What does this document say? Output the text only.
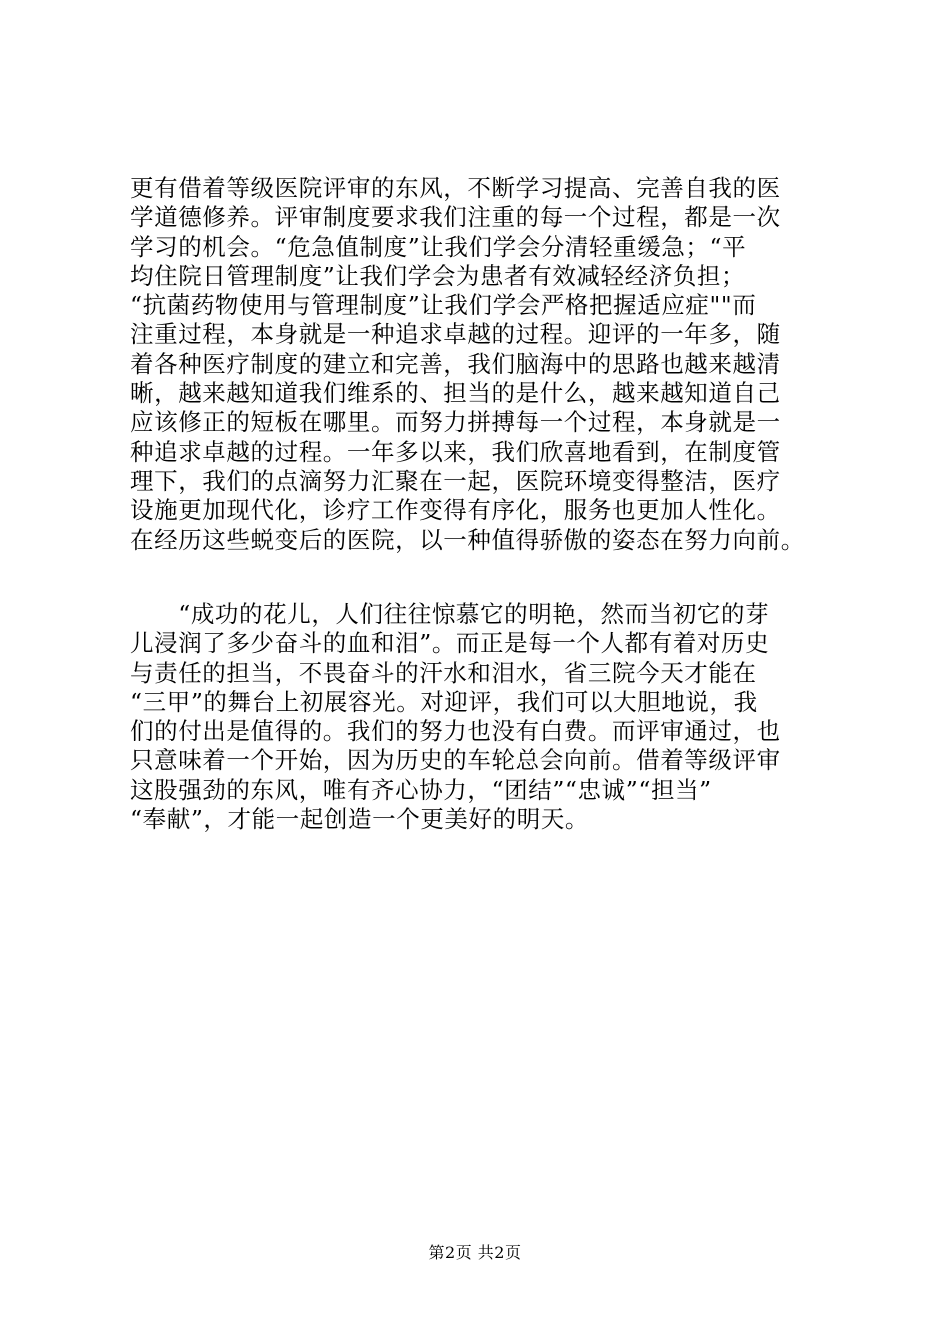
更有借着等级医院评审的东风，不断学习提高、完善自我的医
学道德修养。评审制度要求我们注重的每一个过程，都是一次
学习的机会。“危急值制度”让我们学会分清轻重缓急；“平
均住院日管理制度”让我们学会为患者有效减轻经济负担；
“抗菌药物使用与管理制度”让我们学会严格把握适应症""而
注重过程，本身就是一种追求卓越的过程。迎评的一年多，随
着各种医疗制度的建立和完善，我们脑海中的思路也越来越清
晰，越来越知道我们维系的、担当的是什么，越来越知道自己
应该修正的短板在哪里。而努力拼搏每一个过程，本身就是一
种追求卓越的过程。一年多以来，我们欣喜地看到，在制度管
理下，我们的点滴努力汇聚在一起，医院环境变得整洁，医疗
设施更加现代化，诊疗工作变得有序化，服务也更加人性化。
在经历这些蜕变后的医院，以一种值得骄傲的姿态在努力向前。

　　“成功的花儿，人们往往惊慕它的明艳，然而当初它的芽
儿浸润了多少奋斗的血和泪”。而正是每一个人都有着对历史
与责任的担当，不畏奋斗的汗水和泪水，省三院今天才能在
“三甲”的舞台上初展容光。对迎评，我们可以大胆地说，我
们的付出是值得的。我们的努力也没有白费。而评审通过，也
只意味着一个开始，因为历史的车轮总会向前。借着等级评审
这股强劲的东风，唯有齐心协力，“团结”“忠诚”“担当”
“奉献”，才能一起创造一个更美好的明天。

第2页 共2页
